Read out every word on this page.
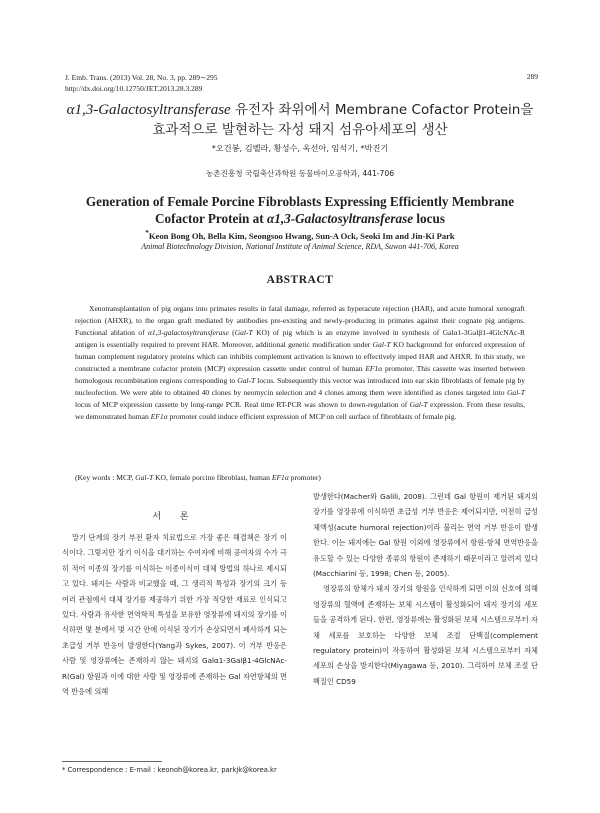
J. Emb. Trans. (2013) Vol. 28, No. 3, pp. 289∼295
http://dx.doi.org/10.12750/JET.2013.28.3.289
289
α1,3-Galactosyltransferase 유전자 좌위에서 Membrane Cofactor Protein을
효과적으로 발현하는 자성 돼지 섬유아세포의 생산
*오건봉, 김벨라, 황성수, 옥선아, 임석기, *박진기
농촌진흥청 국립축산과학원 동물바이오공학과, 441-706
Generation of Female Porcine Fibroblasts Expressing Efficiently Membrane
Cofactor Protein at α1,3-Galactosyltransferase locus
*Keon Bong Oh, Bella Kim, Seongsoo Hwang, Sun-A Ock, Seoki Im and Jin-Ki Park
Animal Biotechnology Division, National Institute of Animal Science, RDA, Suwon 441-706, Korea
ABSTRACT

Xenotransplantation of pig organs into primates results in fatal damage, referred as hyperacute rejection (HAR), and acute humoral xenograft rejection (AHXR), to the organ graft mediated by antibodies pre-existing and newly-producing in primates against their cognate pig antigens. Functional ablation of α1,3-galactosyltransferase (Gal-T KO) of pig which is an enzyme involved in synthesis of Galα1-3Galβ1-4GlcNAc-R antigen is essentially required to prevent HAR. Moreover, additional genetic modification under Gal-T KO background for enforced expression of human complement regulatory proteins which can inhibits complement activation is known to effectively imped HAR and AHXR. In this study, we constructed a membrane cofactor protein (MCP) expression cassette under control of human EF1α promoter. This cassette was inserted between homologous recombination regions corresponding to Gal-T locus. Subsequently this vector was introduced into ear skin fibroblasts of female pig by nucleofection. We were able to obtained 40 clones by neomycin selection and 4 clones among them were identified as clones targeted into Gal-T locus of MCP expression cassette by long-range PCR. Real time RT-PCR was shown to down-regulation of Gal-T expression. From these results, we demonstrated human EF1α promoter could induce efficient expression of MCP on cell surface of fibroblasts of female pig.

(Key words : MCP, Gal-T KO, female porcine fibroblast, human EF1α promoter)
서 론

말기 단계의 장기 부전 환자 치료법으로 가장 좋은 해결책은 장기 이식이다. 그렇지만 장기 이식을 대기하는 수여자에 비해 공여자의 수가 극히 적어 이종의 장기를 이식하는 이종이식이 대체 방법의 하나로 제시되고 있다. 돼지는 사람과 비교했을 때, 그 생리적 특성과 장기의 크기 등 여러 관점에서 대체 장기를 제공하기 위한 가장 적당한 재료로 인식되고 있다. 사람과 유사한 면역학적 특성을 보유한 영장류에 돼지의 장기를 이식하면 몇 분에서 몇 시간 안에 이식된 장기가 손상되면서 폐사하게 되는 초급성 거부 반응이 발생한다(Yang과 Sykes, 2007). 이 거부 반응은 사람 및 영장류에는 존재하지 않는 돼지의 Galα1-3Galβ1-4GlcNAc-R(Gal) 항원과 이에 대한 사람 및 영장류에 존재하는 Gal 자연항체의 면역 반응에 의해

발생한다(Macher와 Galili, 2008). 그런데 Gal 항원이 제거된 돼지의 장기를 영장류에 이식하면 초급성 거부 반응은 제어되지만, 여전히 급성 체액성(acute humoral rejection)이라 불리는 면역 거부 반응이 발생한다. 이는 돼지에는 Gal 항원 이외에 영장류에서 항원-항체 면역반응을 유도할 수 있는 다양한 종류의 항원이 존재하기 때문이라고 알려져 있다(Macchiarini 등, 1998; Chen 등, 2005).

영장류의 항체가 돼지 장기의 항원을 인식하게 되면 이의 신호에 의해 영장류의 혈액에 존재하는 보체 시스템이 활성화되어 돼지 장기의 세포들을 공격하게 된다. 한편, 영장류에는 활성화된 보체 시스템으로부터 자체 세포를 보호하는 다양한 보체 조절 단백질(complement regulatory protein)이 작동하여 활성화된 보체 시스템으로부터 자체 세포의 손상을 방지한다(Miyagawa 등, 2010). 그리하여 보체 조절 단백질인 CD59

* Correspondence : E-mail : keonoh@korea.kr, parkjk@korea.kr
